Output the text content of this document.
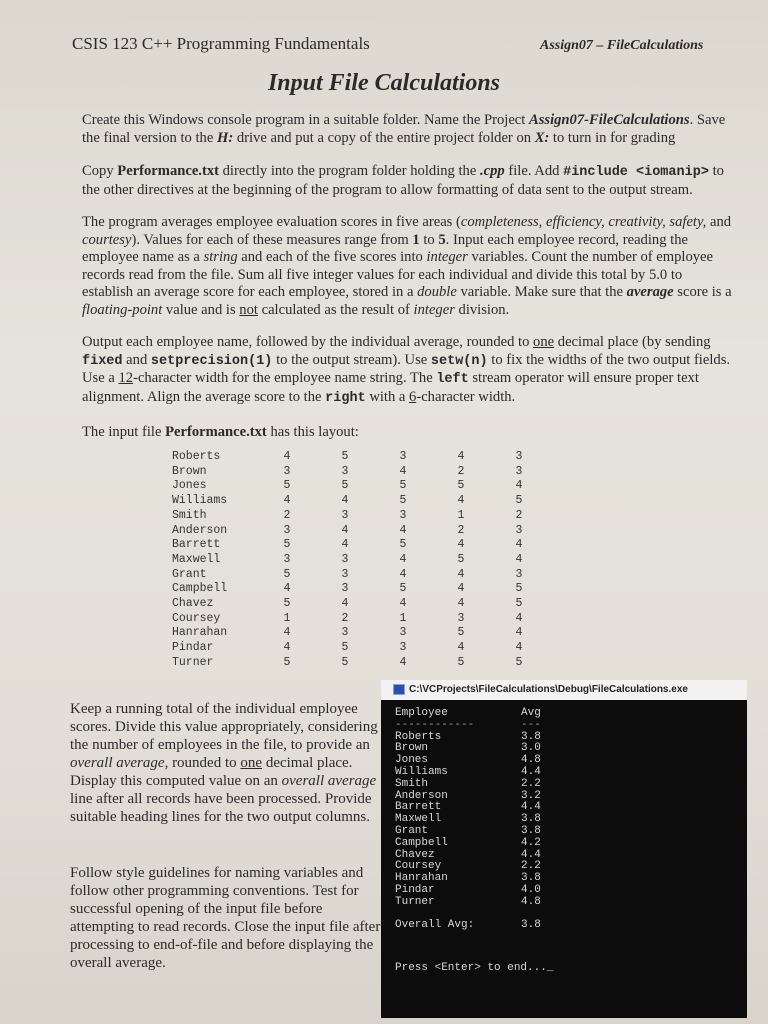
CSIS 123 C++ Programming Fundamentals	Assign07 – FileCalculations
Input File Calculations
Create this Windows console program in a suitable folder. Name the Project Assign07-FileCalculations. Save the final version to the H: drive and put a copy of the entire project folder on X: to turn in for grading
Copy Performance.txt directly into the program folder holding the .cpp file. Add #include <iomanip> to the other directives at the beginning of the program to allow formatting of data sent to the output stream.
The program averages employee evaluation scores in five areas (completeness, efficiency, creativity, safety, and courtesy). Values for each of these measures range from 1 to 5. Input each employee record, reading the employee name as a string and each of the five scores into integer variables. Count the number of employee records read from the file. Sum all five integer values for each individual and divide this total by 5.0 to establish an average score for each employee, stored in a double variable. Make sure that the average score is a floating-point value and is not calculated as the result of integer division.
Output each employee name, followed by the individual average, rounded to one decimal place (by sending fixed and setprecision(1) to the output stream). Use setw(n) to fix the widths of the two output fields. Use a 12-character width for the employee name string. The left stream operator will ensure proper text alignment. Align the average score to the right with a 6-character width.
The input file Performance.txt has this layout:
Roberts	4	5	3	4	3
Brown	3	3	4	2	3
Jones	5	5	5	5	4
Williams	4	4	5	4	5
Smith	2	3	3	1	2
Anderson	3	4	4	2	3
Barrett	5	4	5	4	4
Maxwell	3	3	4	5	4
Grant	5	3	4	4	3
Campbell	4	3	5	4	5
Chavez	5	4	4	4	5
Coursey	1	2	1	3	4
Hanrahan	4	3	3	5	4
Pindar	4	5	3	4	4
Turner	5	5	4	5	5
Keep a running total of the individual employee scores. Divide this value appropriately, considering the number of employees in the file, to provide an overall average, rounded to one decimal place. Display this computed value on an overall average line after all records have been processed. Provide suitable heading lines for the two output columns.
Follow style guidelines for naming variables and follow other programming conventions. Test for successful opening of the input file before attempting to read records. Close the input file after processing to end-of-file and before displaying the overall average.
C:\VCProjects\FileCalculations\Debug\FileCalculations.exe
Employee	Avg
------------	---
Roberts	3.8
Brown	3.0
Jones	4.8
Williams	4.4
Smith	2.2
Anderson	3.2
Barrett	4.4
Maxwell	3.8
Grant	3.8
Campbell	4.2
Chavez	4.4
Coursey	2.2
Hanrahan	3.8
Pindar	4.0
Turner	4.8
Overall Avg:	3.8
Press <Enter> to end..._
